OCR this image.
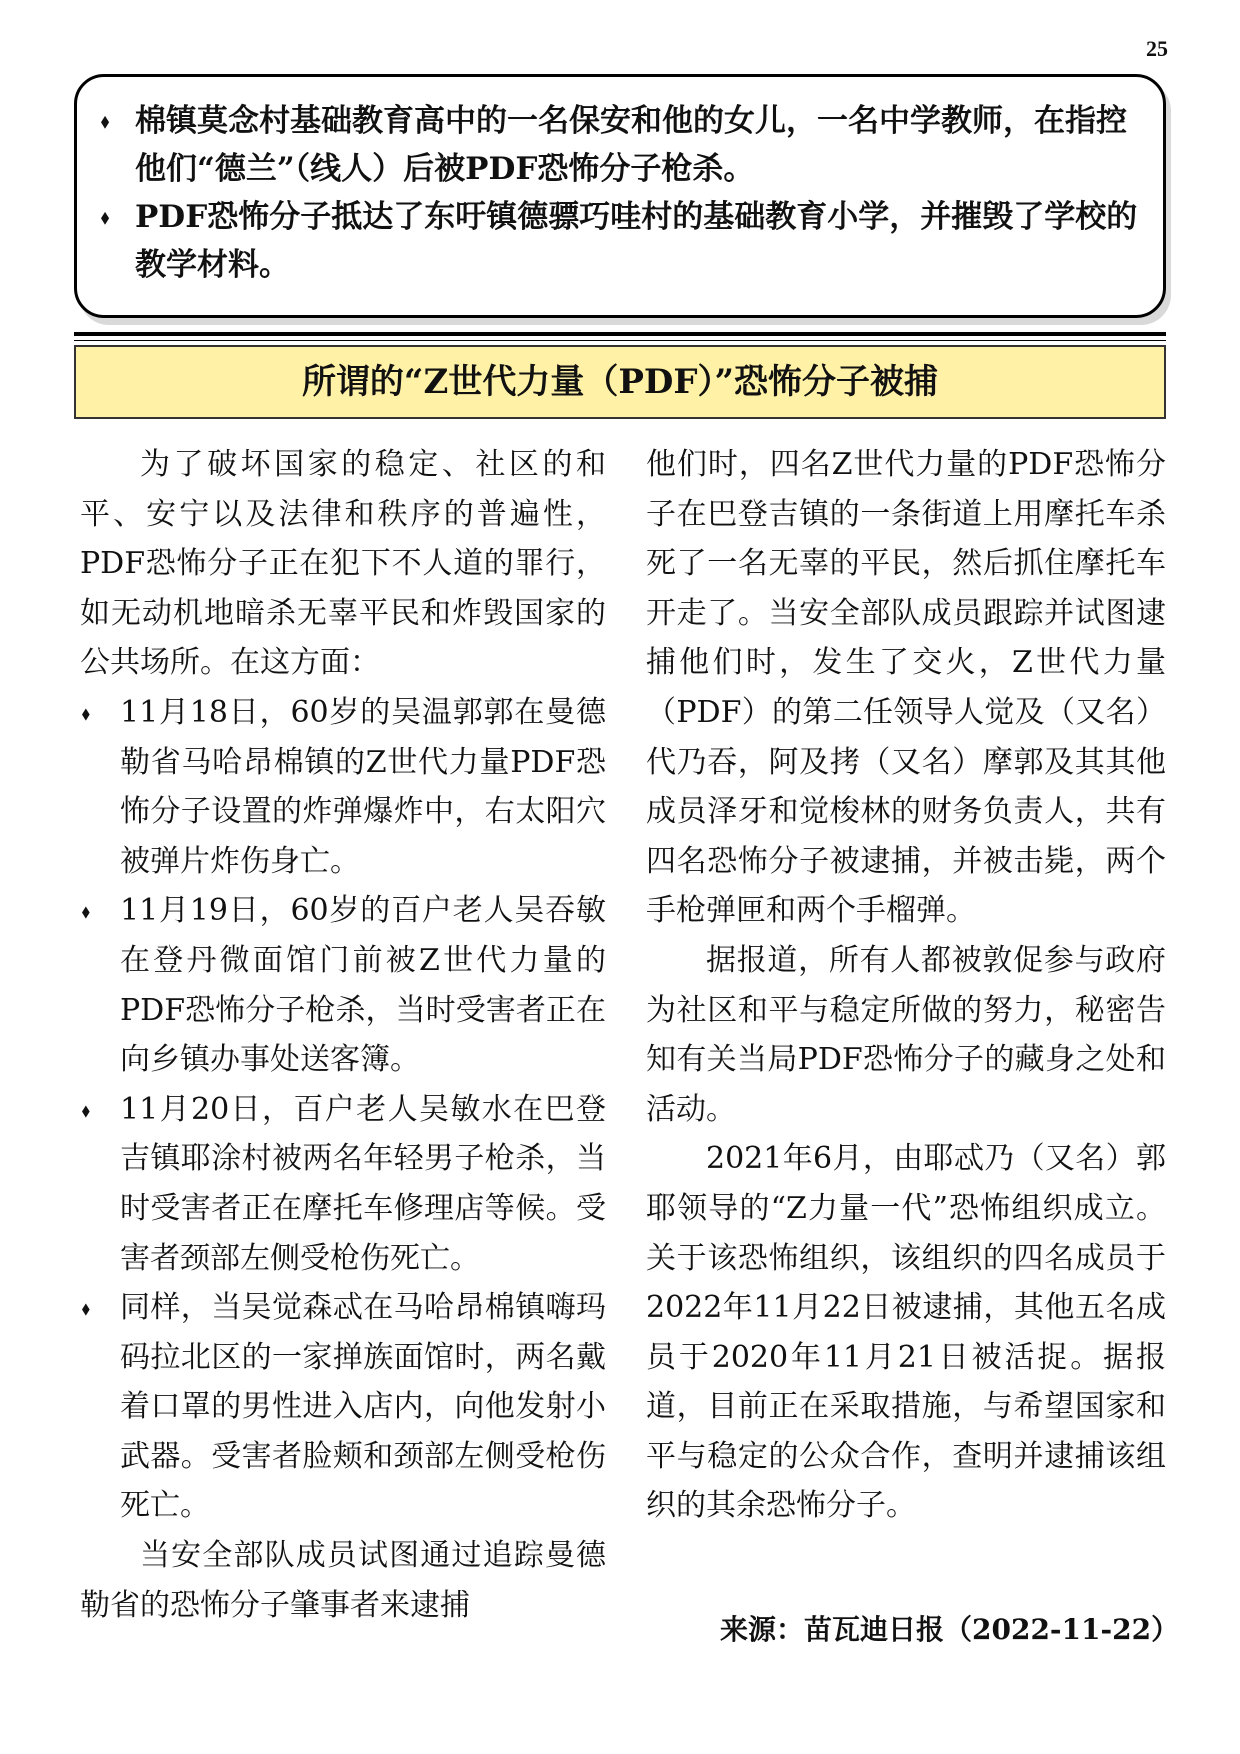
25
⬧ 棉镇莫念村基础教育高中的一名保安和他的女儿，一名中学教师，在指控他们“德兰”（线人）后被PDF恐怖分子枪杀。
⬧ PDF恐怖分子抵达了东吁镇德骠巧哇村的基础教育小学，并摧毁了学校的教学材料。
所谓的“Z世代力量（PDF）”恐怖分子被捕

为了破坏国家的稳定、社区的和平、安宁以及法律和秩序的普遍性，PDF恐怖分子正在犯下不人道的罪行，如无动机地暗杀无辜平民和炸毁国家的公共场所。在这方面：

⬧ 11月18日，60岁的吴温郭郭在曼德勒省马哈昂棉镇的Z世代力量PDF恐怖分子设置的炸弹爆炸中，右太阳穴被弹片炸伤身亡。
⬧ 11月19日，60岁的百户老人吴吞敏在登丹微面馆门前被Z世代力量的PDF恐怖分子枪杀，当时受害者正在向乡镇办事处送客簿。
⬧ 11月20日，百户老人吴敏水在巴登吉镇耶涂村被两名年轻男子枪杀，当时受害者正在摩托车修理店等候。受害者颈部左侧受枪伤死亡。
⬧ 同样，当吴觉森忒在马哈昂棉镇嗨玛码拉北区的一家掸族面馆时，两名戴着口罩的男性进入店内，向他发射小武器。受害者脸颊和颈部左侧受枪伤死亡。

当安全部队成员试图通过追踪曼德勒省的恐怖分子肇事者来逮捕

他们时，四名Z世代力量的PDF恐怖分子在巴登吉镇的一条街道上用摩托车杀死了一名无辜的平民，然后抓住摩托车开走了。当安全部队成员跟踪并试图逮捕他们时，发生了交火，Z世代力量（PDF）的第二任领导人觉及（又名）代乃吞，阿及拷（又名）摩郭及其其他成员泽牙和觉梭林的财务负责人，共有四名恐怖分子被逮捕，并被击毙，两个手枪弹匣和两个手榴弹。

据报道，所有人都被敦促参与政府为社区和平与稳定所做的努力，秘密告知有关当局PDF恐怖分子的藏身之处和活动。

2021年6月，由耶忒乃（又名）郭耶领导的“Z力量一代”恐怖组织成立。关于该恐怖组织，该组织的四名成员于2022年11月22日被逮捕，其他五名成员于2020年11月21日被活捉。据报道，目前正在采取措施，与希望国家和平与稳定的公众合作，查明并逮捕该组织的其余恐怖分子。

来源：苗瓦迪日报（2022-11-22）
